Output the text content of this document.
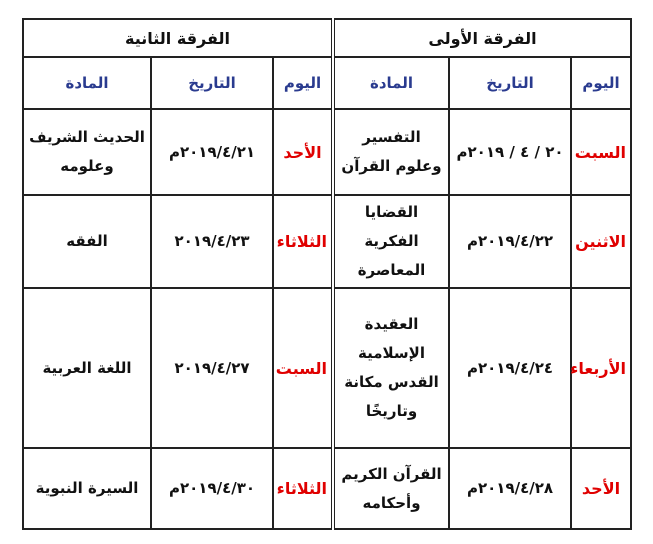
الفرقة الأولى			الفرقة الثانية		
اليوم	التاريخ	المادة	اليوم	التاريخ	المادة
السبت	٢٠ / ٤ / ٢٠١٩م	التفسير وعلوم القرآن	الأحد	٢٠١٩/٤/٢١م	الحديث الشريف وعلومه
الاثنين	٢٠١٩/٤/٢٢م	القضايا الفكرية المعاصرة	الثلاثاء	٢٠١٩/٤/٢٣	الفقه
الأربعاء	٢٠١٩/٤/٢٤م	العقيدة الإسلامية القدس مكانة وتاريخًا	السبت	٢٠١٩/٤/٢٧	اللغة العربية
الأحد	٢٠١٩/٤/٢٨م	القرآن الكريم وأحكامه	الثلاثاء	٢٠١٩/٤/٣٠م	السيرة النبوية
